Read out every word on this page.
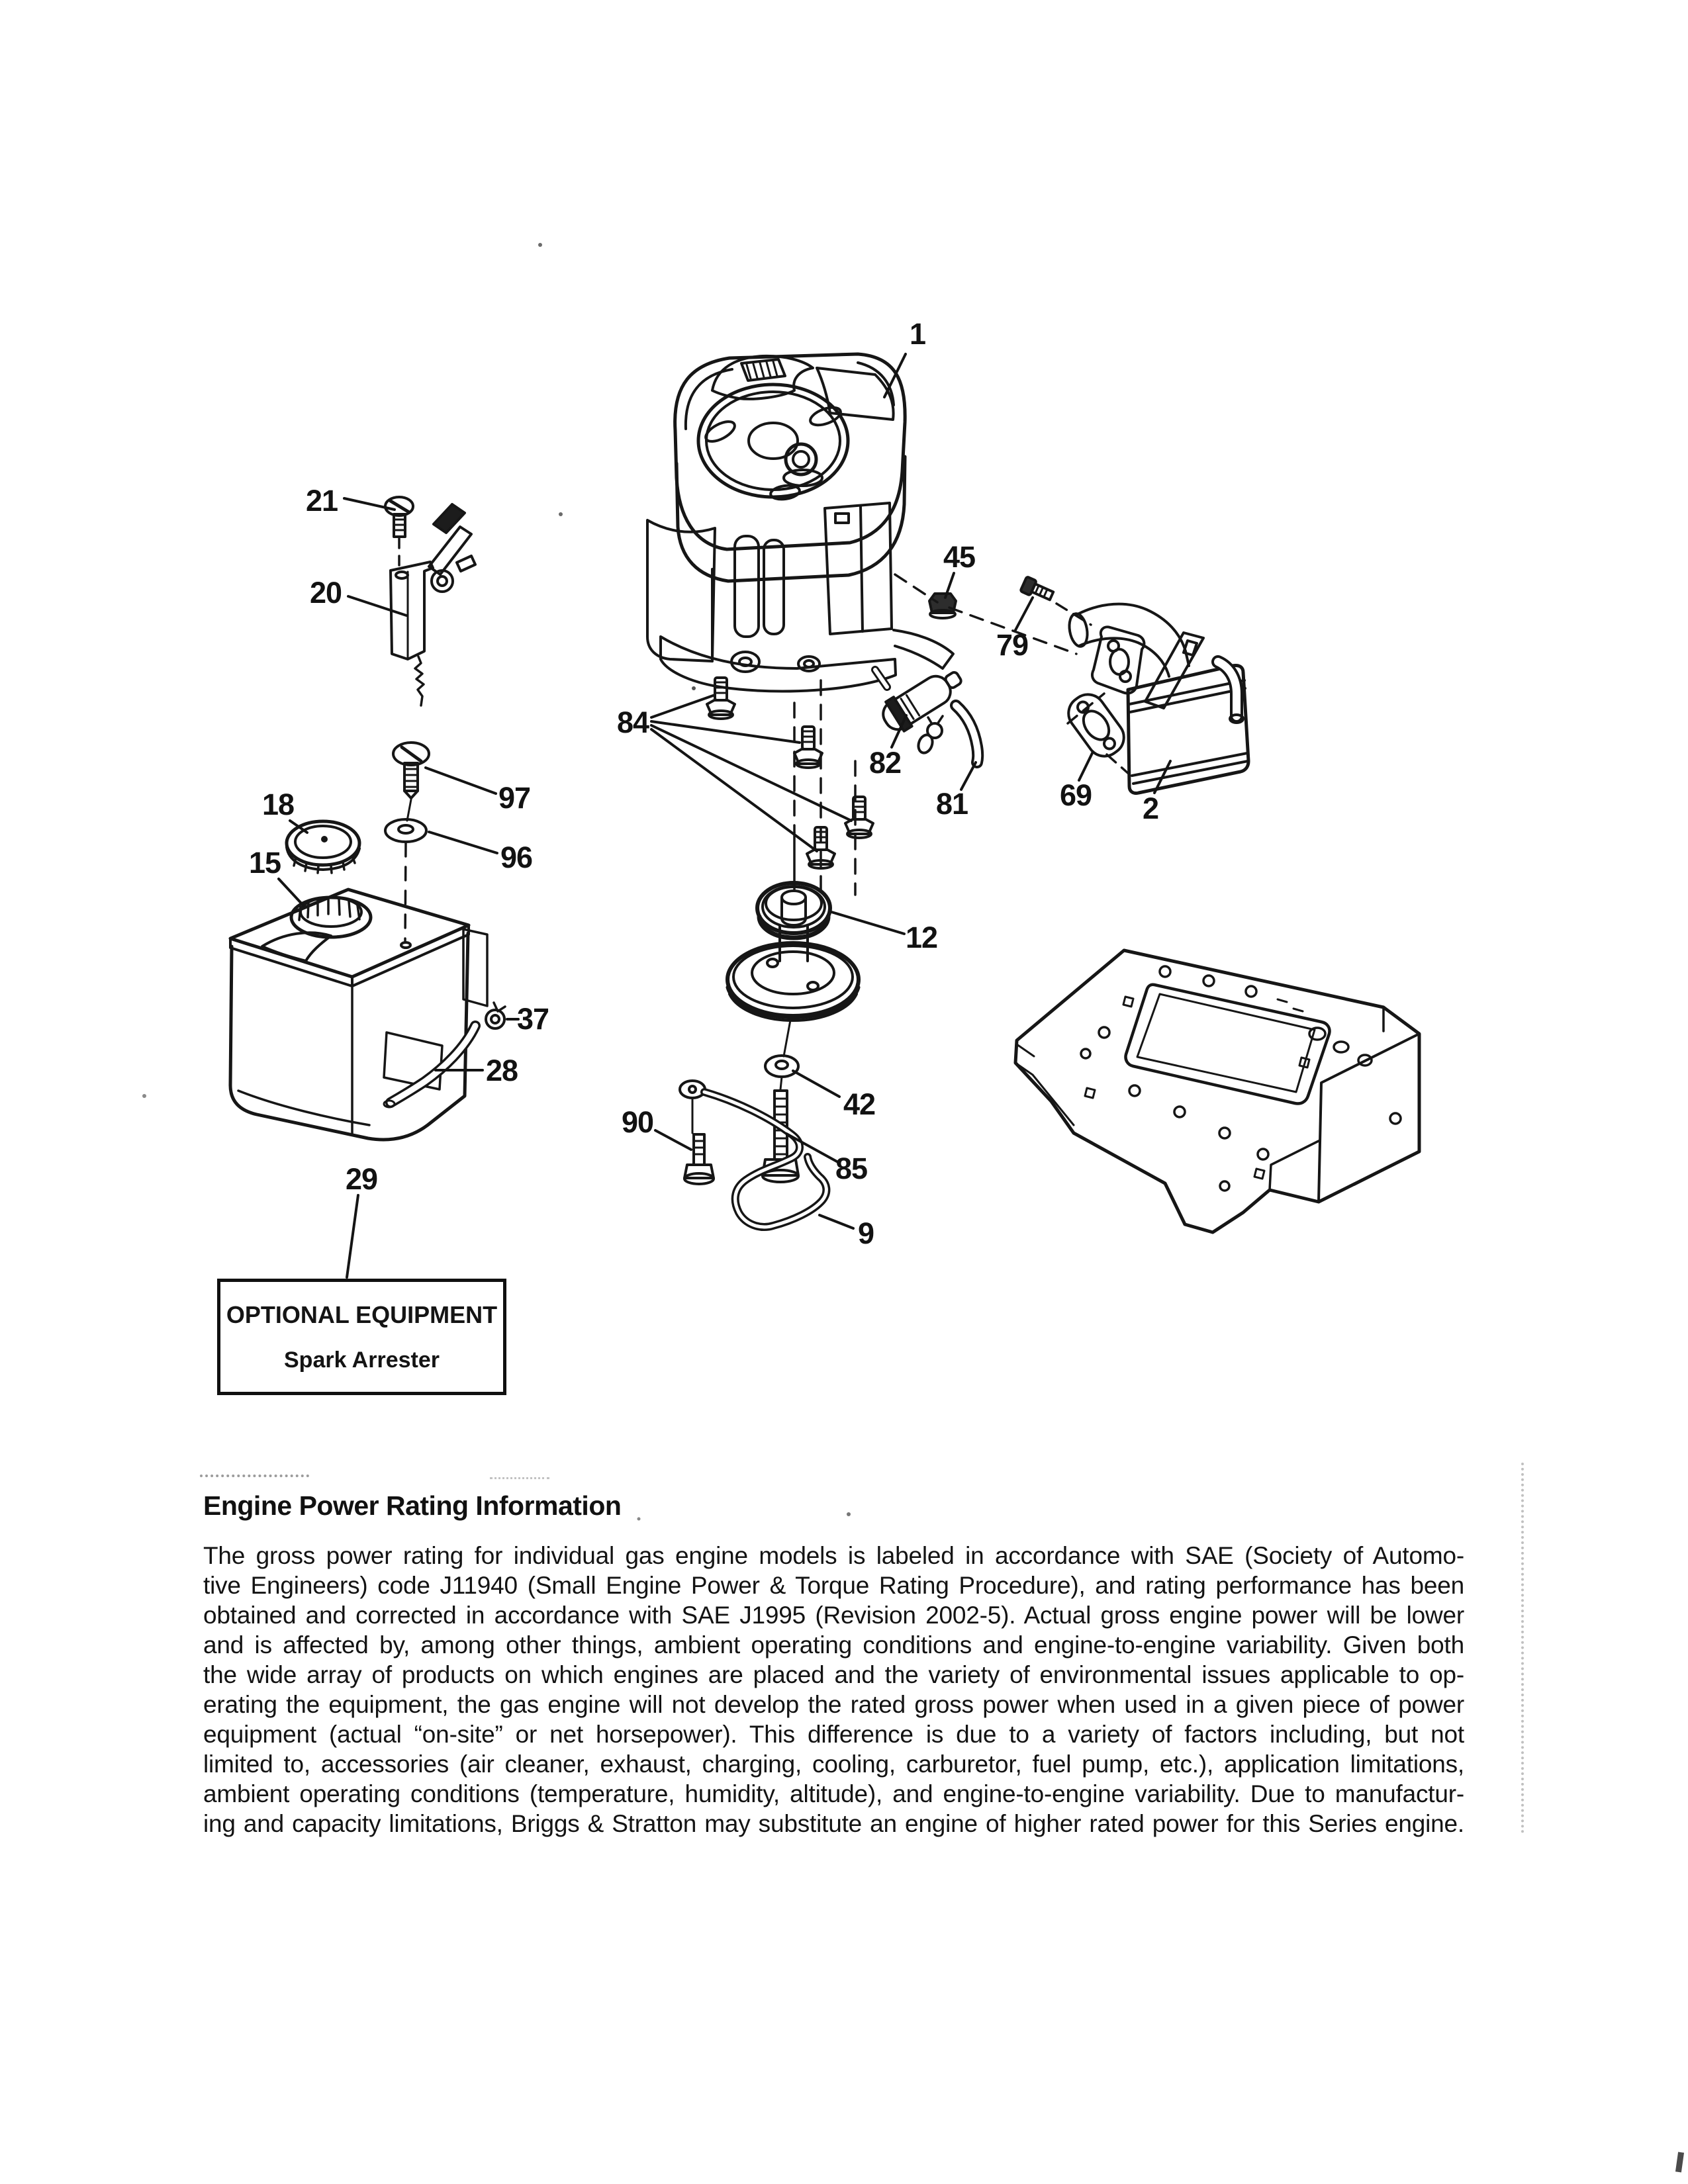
1
21
20
45
79
84
82
81
97
96
18
15
69 2
12
37
28
42
85
90
9
29
OPTIONAL EQUIPMENT
Spark Arrester
Engine Power Rating Information
The gross power rating for individual gas engine models is labeled in accordance with SAE (Society of Automo-
tive Engineers) code J11940 (Small Engine Power & Torque Rating Procedure), and rating performance has been
obtained and corrected in accordance with SAE J1995 (Revision 2002-5). Actual gross engine power will be lower
and is affected by, among other things, ambient operating conditions and engine-to-engine variability. Given both
the wide array of products on which engines are placed and the variety of environmental issues applicable to op-
erating the equipment, the gas engine will not develop the rated gross power when used in a given piece of power
equipment (actual “on-site” or net horsepower). This difference is due to a variety of factors including, but not
limited to, accessories (air cleaner, exhaust, charging, cooling, carburetor, fuel pump, etc.), application limitations,
ambient operating conditions (temperature, humidity, altitude), and engine-to-engine variability. Due to manufactur-
ing and capacity limitations, Briggs & Stratton may substitute an engine of higher rated power for this Series engine.
